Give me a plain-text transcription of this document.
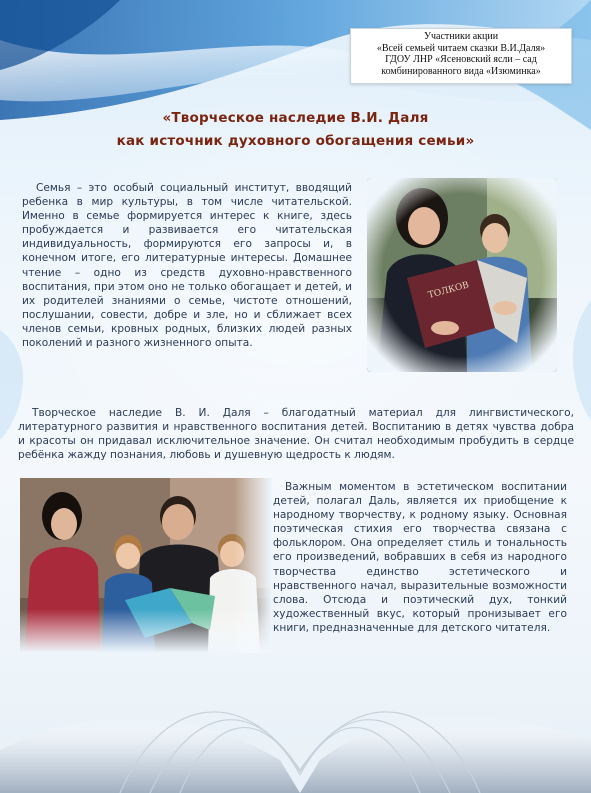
Участники акции
«Всей семьей читаем сказки В.И.Даля»
ГДОУ ЛНР «Ясеновский ясли – сад
комбинированного вида «Изюминка»
«Творческое наследие В.И. Даля
как источник духовного обогащения семьи»
Семья – это особый социальный институт, вводящий ребенка в мир культуры, в том числе читательской. Именно в семье формируется интерес к книге, здесь пробуждается и развивается его читательская индивидуальность, формируются его запросы и, в конечном итоге, его литературные интересы. Домашнее чтение – одно из средств духовно-нравственного воспитания, при этом оно не только обогащает и детей, и их родителей знаниями о семье, чистоте отношений, послушании, совести, добре и зле, но и сближает всех членов семьи, кровных родных, близких людей разных поколений и разного жизненного опыта.
Творческое наследие В. И. Даля – благодатный материал для лингвистического, литературного развития и нравственного воспитания детей. Воспитанию в детях чувства добра и красоты он придавал исключительное значение. Он считал необходимым пробудить в сердце ребёнка жажду познания, любовь и душевную щедрость к людям.
Важным моментом в эстетическом воспитании детей, полагал Даль, является их приобщение к народному творчеству, к родному языку. Основная поэтическая стихия его творчества связана с фольклором. Она определяет стиль и тональность его произведений, вобравших в себя из народного творчества единство эстетического и нравственного начал, выразительные возможности слова. Отсюда и поэтический дух, тонкий художественный вкус, который пронизывает его книги, предназначенные для детского читателя.
